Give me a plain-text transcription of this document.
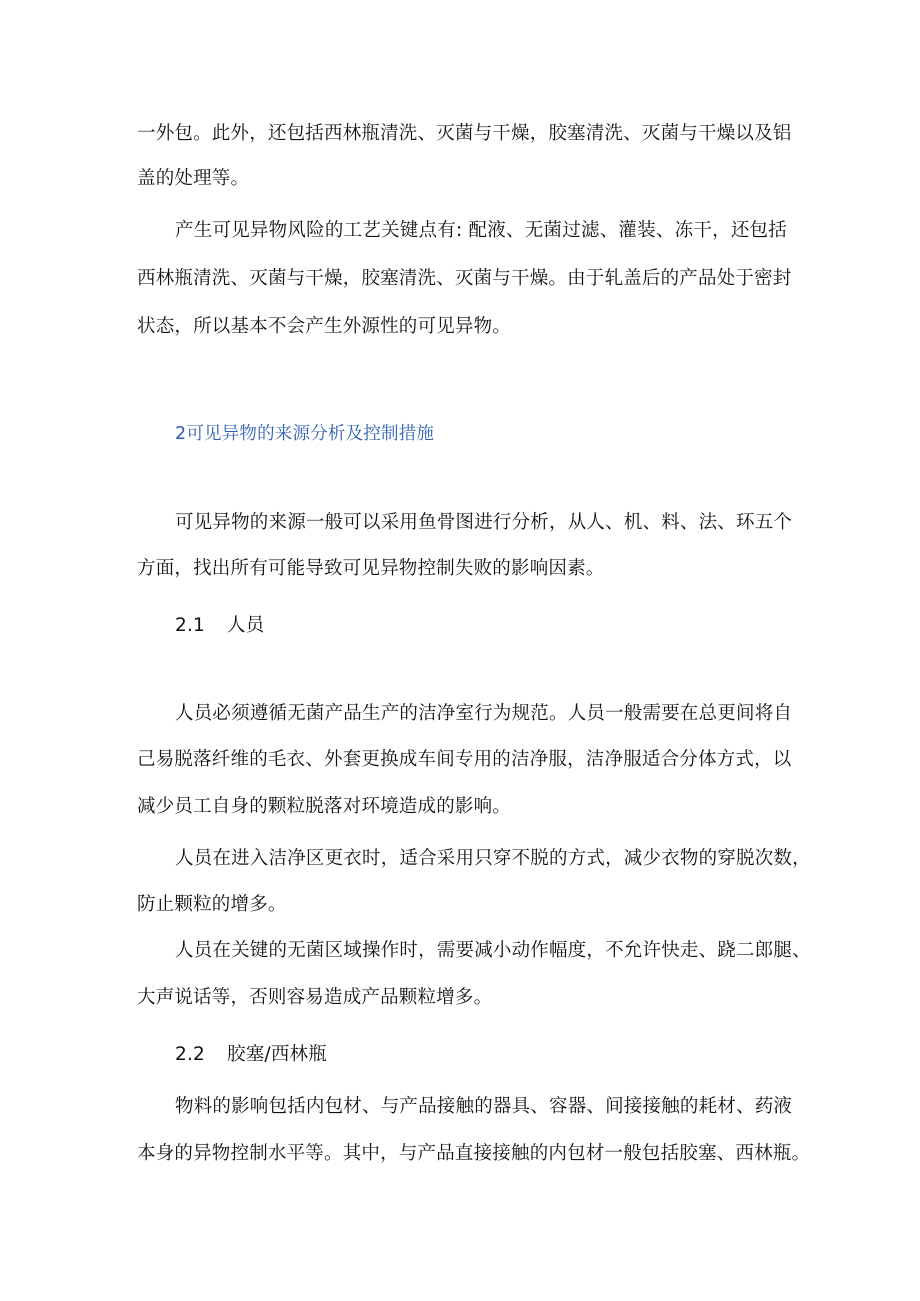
一外包。此外，还包括西林瓶清洗、灭菌与干燥，胶塞清洗、灭菌与干燥以及铝
盖的处理等。
产生可见异物风险的工艺关键点有: 配液、无菌过滤、灌装、冻干，还包括
西林瓶清洗、灭菌与干燥，胶塞清洗、灭菌与干燥。由于轧盖后的产品处于密封
状态，所以基本不会产生外源性的可见异物。
2可见异物的来源分析及控制措施
可见异物的来源一般可以采用鱼骨图进行分析，从人、机、料、法、环五个
方面，找出所有可能导致可见异物控制失败的影响因素。
2.1 人员
人员必须遵循无菌产品生产的洁净室行为规范。人员一般需要在总更间将自
己易脱落纤维的毛衣、外套更换成车间专用的洁净服，洁净服适合分体方式，以
减少员工自身的颗粒脱落对环境造成的影响。
人员在进入洁净区更衣时，适合采用只穿不脱的方式，减少衣物的穿脱次数，
防止颗粒的增多。
人员在关键的无菌区域操作时，需要减小动作幅度，不允许快走、跷二郎腿、
大声说话等，否则容易造成产品颗粒增多。
2.2 胶塞/西林瓶
物料的影响包括内包材、与产品接触的器具、容器、间接接触的耗材、药液
本身的异物控制水平等。其中，与产品直接接触的内包材一般包括胶塞、西林瓶。
